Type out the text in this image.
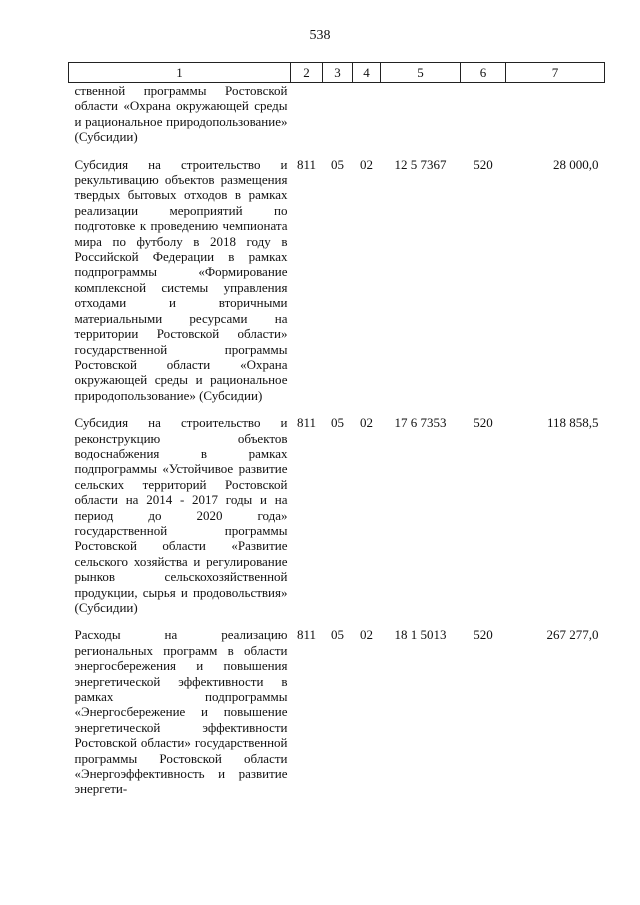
538
1	2	3	4	5	6	7
ственной программы Ростовской области «Охрана окружающей среды и рациональное природопользование» (Субсидии)						

Субсидия на строительство и рекультивацию объектов размещения твердых бытовых отходов в рамках реализации мероприятий по подготовке к проведению чемпионата мира по футболу в 2018 году в Российской Федерации в рамках подпрограммы «Формирование комплексной системы управления отходами и вторичными материальными ресурсами на территории Ростовской области» государственной программы Ростовской области «Охрана окружающей среды и рациональное природопользование» (Субсидии)	811	05	02	12 5 7367	520	28 000,0

Субсидия на строительство и реконструкцию объектов водоснабжения в рамках подпрограммы «Устойчивое развитие сельских территорий Ростовской области на 2014 - 2017 годы и на период до 2020 года» государственной программы Ростовской области «Развитие сельского хозяйства и регулирование рынков сельскохозяйственной продукции, сырья и продовольствия» (Субсидии)	811	05	02	17 6 7353	520	118 858,5

Расходы на реализацию региональных программ в области энергосбережения и повышения энергетической эффективности в рамках подпрограммы «Энергосбережение и повышение энергетической эффективности Ростовской области» государственной программы Ростовской области «Энергоэффективность и развитие энергети-	811	05	02	18 1 5013	520	267 277,0
